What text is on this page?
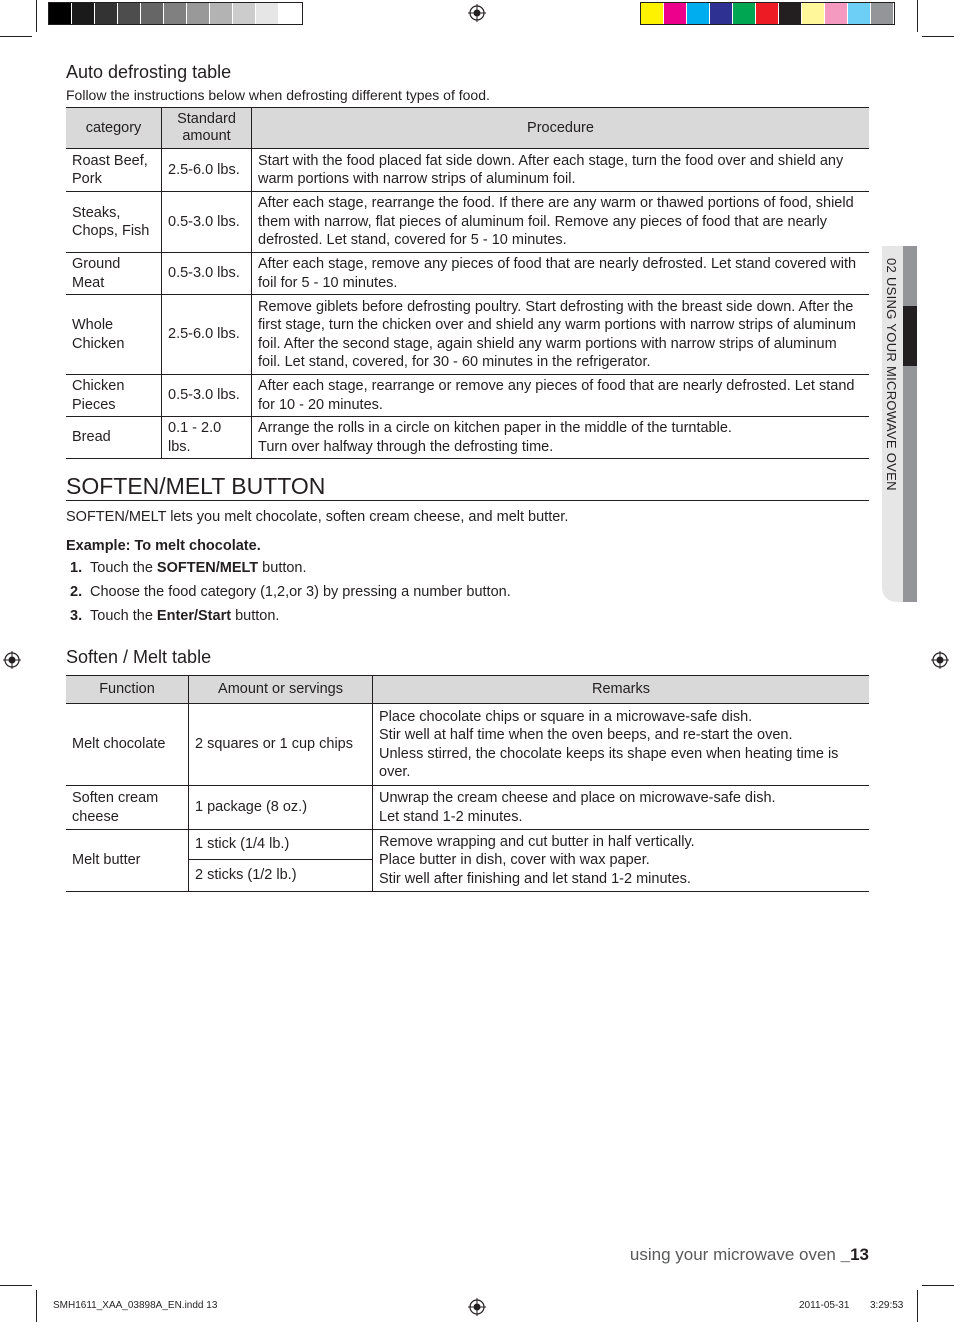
02 USING YOUR MICROWAVE OVEN
Auto defrosting table
Follow the instructions below when defrosting different types of food.
category	Standard amount	Procedure
Roast Beef, Pork	2.5-6.0 lbs.	Start with the food placed fat side down. After each stage, turn the food over and shield any warm portions with narrow strips of aluminum foil.
Steaks, Chops, Fish	0.5-3.0 lbs.	After each stage, rearrange the food. If there are any warm or thawed portions of food, shield them with narrow, flat pieces of aluminum foil. Remove any pieces of food that are nearly defrosted. Let stand, covered for 5 - 10 minutes.
Ground Meat	0.5-3.0 lbs.	After each stage, remove any pieces of food that are nearly defrosted. Let stand covered with foil for 5 - 10 minutes.
Whole Chicken	2.5-6.0 lbs.	Remove giblets before defrosting poultry. Start defrosting with the breast side down. After the first stage, turn the chicken over and shield any warm portions with narrow strips of aluminum foil. After the second stage, again shield any warm portions with narrow strips of aluminum foil. Let stand, covered, for 30 - 60 minutes in the refrigerator.
Chicken Pieces	0.5-3.0 lbs.	After each stage, rearrange or remove any pieces of food that are nearly defrosted. Let stand for 10 - 20 minutes.
Bread	0.1 - 2.0 lbs.	Arrange the rolls in a circle on kitchen paper in the middle of the turntable.
Turn over halfway through the defrosting time.
SOFTEN/MELT BUTTON
SOFTEN/MELT lets you melt chocolate, soften cream cheese, and melt butter.
Example: To melt chocolate.
1. Touch the SOFTEN/MELT button.
2. Choose the food category (1,2,or 3) by pressing a number button.
3. Touch the Enter/Start button.
Soften / Melt table
Function	Amount or servings	Remarks
Melt chocolate	2 squares or 1 cup chips	Place chocolate chips or square in a microwave-safe dish.
Stir well at half time when the oven beeps, and re-start the oven.
Unless stirred, the chocolate keeps its shape even when heating time is over.

Soften cream cheese	1 package (8 oz.)	Unwrap the cream cheese and place on microwave-safe dish.
Let stand 1-2 minutes.

Melt butter	1 stick (1/4 lb.)	Remove wrapping and cut butter in half vertically.
Place butter in dish, cover with wax paper.
Stir well after finishing and let stand 1-2 minutes.

	2 sticks (1/2 lb.)	
using your microwave oven _13
SMH1611_XAA_03898A_EN.indd 13	2011-05-31 3:29:53
